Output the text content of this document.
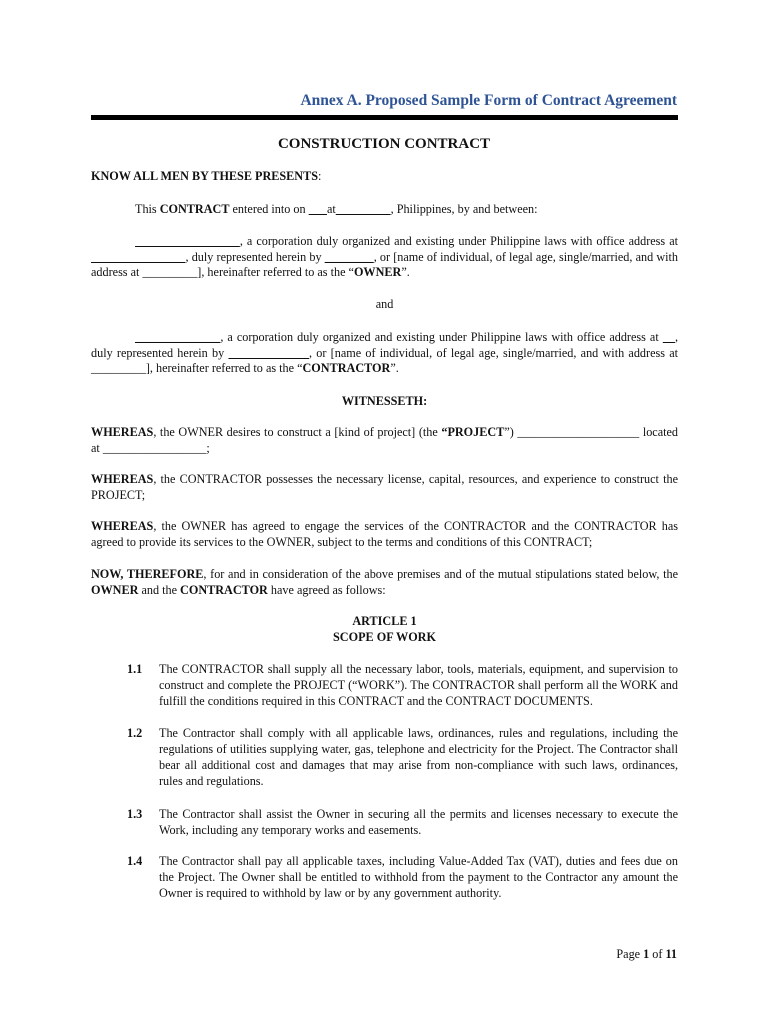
Annex A. Proposed Sample Form of Contract Agreement
CONSTRUCTION CONTRACT
KNOW ALL MEN BY THESE PRESENTS:
This CONTRACT entered into on       at	, Philippines, by and between:
, a corporation duly organized and existing under Philippine laws with office address at                               , duly represented herein by _______  , or [name of individual, of legal age, single/married, and with address at _________], hereinafter referred to as the “OWNER”.
and
______________, a corporation duly organized and existing under Philippine laws with office address at    , duly represented herein by	, or [name of individual, of legal age, single/married, and with address at _________], hereinafter referred to as the “CONTRACTOR”.
WITNESSETH:
WHEREAS, the OWNER desires to construct a [kind of project] (the “PROJECT”) ____________________ located at _________________;
WHEREAS, the CONTRACTOR possesses the necessary license, capital, resources, and experience to construct the PROJECT;
WHEREAS, the OWNER has agreed to engage the services of the CONTRACTOR and the CONTRACTOR has agreed to provide its services to the OWNER, subject to the terms and conditions of this CONTRACT;
NOW, THEREFORE, for and in consideration of the above premises and of the mutual stipulations stated below, the OWNER and the CONTRACTOR have agreed as follows:
ARTICLE 1
SCOPE OF WORK
1.1 The CONTRACTOR shall supply all the necessary labor, tools, materials, equipment, and supervision to construct and complete the PROJECT (“WORK”). The CONTRACTOR shall perform all the WORK and fulfill the conditions required in this CONTRACT and the CONTRACT DOCUMENTS.
1.2 The Contractor shall comply with all applicable laws, ordinances, rules and regulations, including the regulations of utilities supplying water, gas, telephone and electricity for the Project. The Contractor shall bear all additional cost and damages that may arise from non-compliance with such laws, ordinances, rules and regulations.
1.3 The Contractor shall assist the Owner in securing all the permits and licenses necessary to execute the Work, including any temporary works and easements.
1.4 The Contractor shall pay all applicable taxes, including Value-Added Tax (VAT), duties and fees due on the Project. The Owner shall be entitled to withhold from the payment to the Contractor any amount the Owner is required to withhold by law or by any government authority.
Page 1 of 11
